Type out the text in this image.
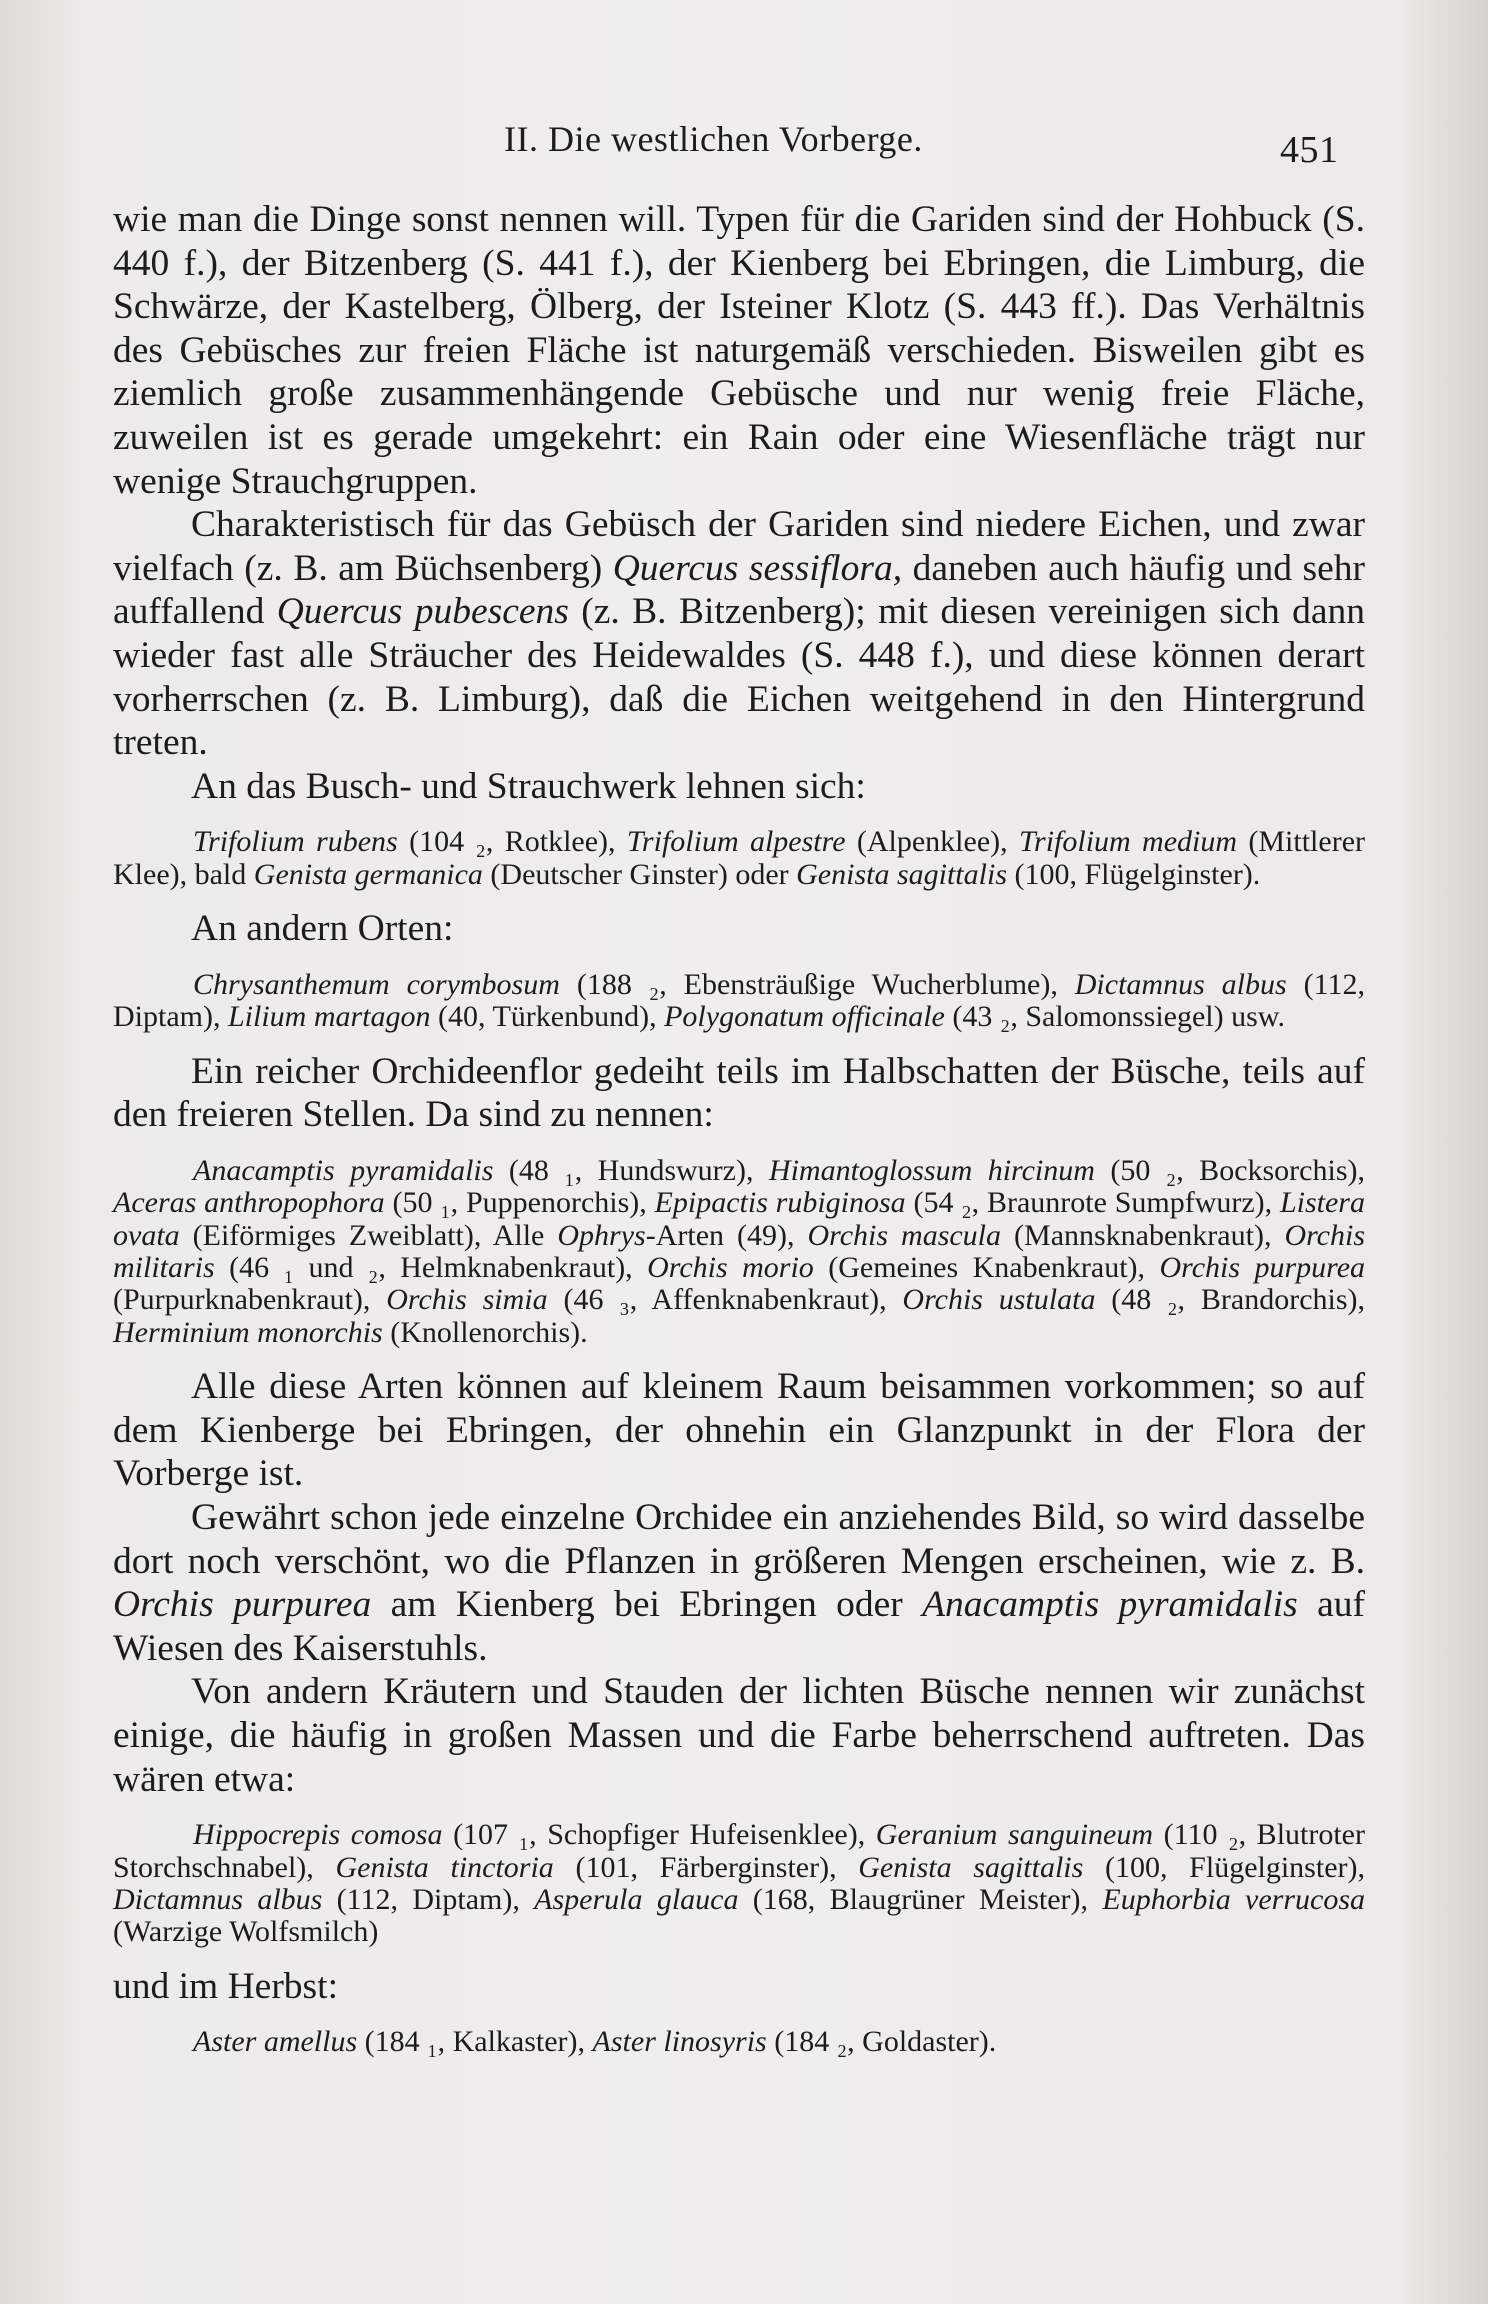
II. Die westlichen Vorberge.	451

wie man die Dinge sonst nennen will. Typen für die Gariden sind der Hohbuck (S. 440 f.), der Bitzenberg (S. 441 f.), der Kienberg bei Ebringen, die Limburg, die Schwärze, der Kastelberg, Ölberg, der Isteiner Klotz (S. 443 ff.). Das Verhältnis des Gebüsches zur freien Fläche ist naturgemäß verschieden. Bisweilen gibt es ziemlich große zusammenhängende Gebüsche und nur wenig freie Fläche, zuweilen ist es gerade umgekehrt: ein Rain oder eine Wiesenfläche trägt nur wenige Strauchgruppen.

Charakteristisch für das Gebüsch der Gariden sind niedere Eichen, und zwar vielfach (z. B. am Büchsenberg) Quercus sessiflora, daneben auch häufig und sehr auffallend Quercus pubescens (z. B. Bitzenberg); mit diesen vereinigen sich dann wieder fast alle Sträucher des Heidewaldes (S. 448 f.), und diese können derart vorherrschen (z. B. Limburg), daß die Eichen weitgehend in den Hintergrund treten.

An das Busch- und Strauchwerk lehnen sich:

Trifolium rubens (104 ₂, Rotklee), Trifolium alpestre (Alpenklee), Trifolium medium (Mittlerer Klee), bald Genista germanica (Deutscher Ginster) oder Genista sagittalis (100, Flügelginster).

An andern Orten:

Chrysanthemum corymbosum (188 ₂, Ebensträußige Wucherblume), Dictamnus albus (112, Diptam), Lilium martagon (40, Türkenbund), Polygonatum officinale (43 ₂, Salomonssiegel) usw.

Ein reicher Orchideenflor gedeiht teils im Halbschatten der Büsche, teils auf den freieren Stellen. Da sind zu nennen:

Anacamptis pyramidalis (48 ₁, Hundswurz), Himantoglossum hircinum (50 ₂, Bocksorchis), Aceras anthropophora (50 ₁, Puppenorchis), Epipactis rubiginosa (54 ₂, Braunrote Sumpfwurz), Listera ovata (Eiförmiges Zweiblatt), Alle Ophrys-Arten (49), Orchis mascula (Mannsknabenkraut), Orchis militaris (46 ₁ und ₂, Helmknabenkraut), Orchis morio (Gemeines Knabenkraut), Orchis purpurea (Purpurknabenkraut), Orchis simia (46 ₃, Affenknabenkraut), Orchis ustulata (48 ₂, Brandorchis), Herminium monorchis (Knollenorchis).

Alle diese Arten können auf kleinem Raum beisammen vorkommen; so auf dem Kienberge bei Ebringen, der ohnehin ein Glanzpunkt in der Flora der Vorberge ist.

Gewährt schon jede einzelne Orchidee ein anziehendes Bild, so wird dasselbe dort noch verschönt, wo die Pflanzen in größeren Mengen erscheinen, wie z. B. Orchis purpurea am Kienberg bei Ebringen oder Anacamptis pyramidalis auf Wiesen des Kaiserstuhls.

Von andern Kräutern und Stauden der lichten Büsche nennen wir zunächst einige, die häufig in großen Massen und die Farbe beherrschend auftreten. Das wären etwa:

Hippocrepis comosa (107 ₁, Schopfiger Hufeisenklee), Geranium sanguineum (110 ₂, Blutroter Storchschnabel), Genista tinctoria (101, Färberginster), Genista sagittalis (100, Flügelginster), Dictamnus albus (112, Diptam), Asperula glauca (168, Blaugrüner Meister), Euphorbia verrucosa (Warzige Wolfsmilch)

und im Herbst:

Aster amellus (184 ₁, Kalkaster), Aster linosyris (184 ₂, Goldaster).
